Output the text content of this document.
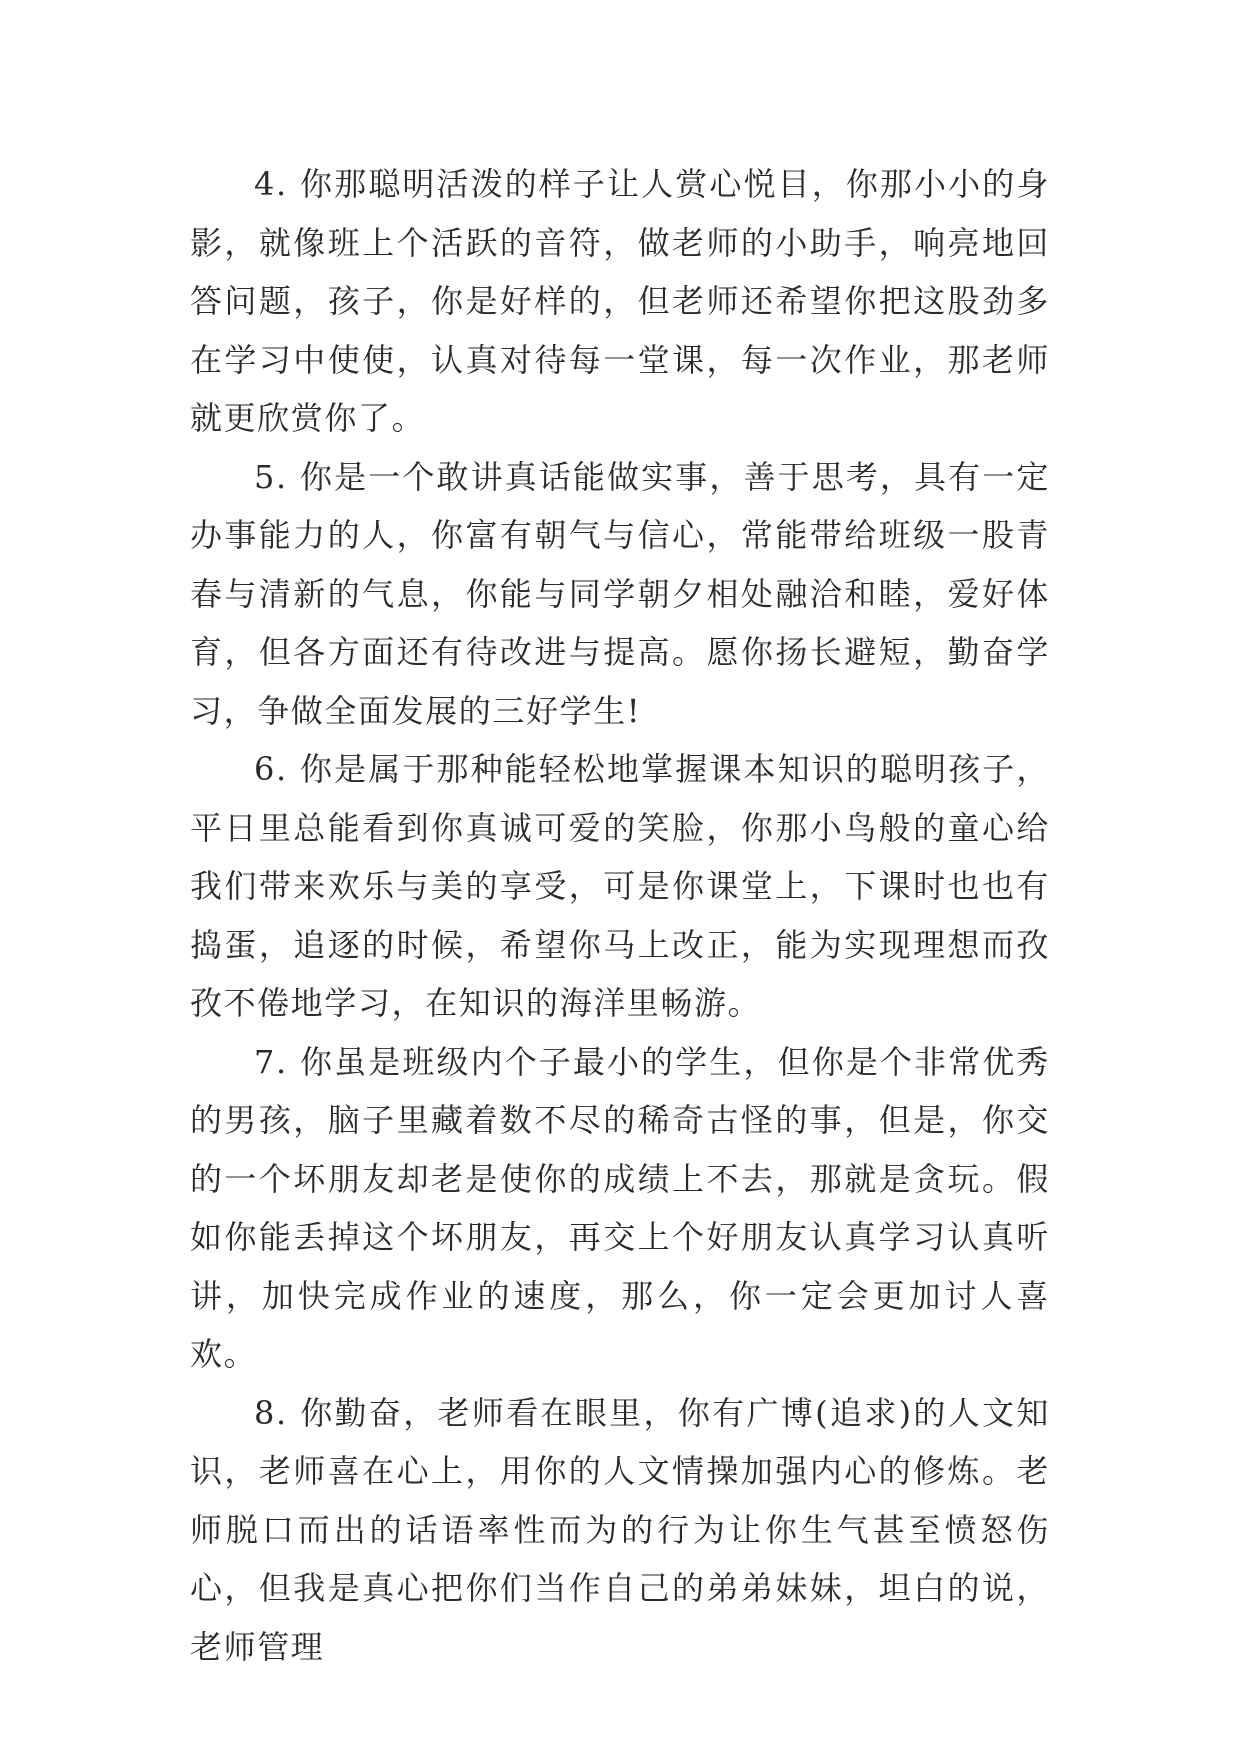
4. 你那聪明活泼的样子让人赏心悦目，你那小小的身影，就像班上个活跃的音符，做老师的小助手，响亮地回答问题，孩子，你是好样的，但老师还希望你把这股劲多在学习中使使，认真对待每一堂课，每一次作业，那老师就更欣赏你了。

5. 你是一个敢讲真话能做实事，善于思考，具有一定办事能力的人，你富有朝气与信心，常能带给班级一股青春与清新的气息，你能与同学朝夕相处融洽和睦，爱好体育，但各方面还有待改进与提高。愿你扬长避短，勤奋学习，争做全面发展的三好学生!

6. 你是属于那种能轻松地掌握课本知识的聪明孩子，平日里总能看到你真诚可爱的笑脸，你那小鸟般的童心给我们带来欢乐与美的享受，可是你课堂上，下课时也也有捣蛋，追逐的时候，希望你马上改正，能为实现理想而孜孜不倦地学习，在知识的海洋里畅游。

7. 你虽是班级内个子最小的学生，但你是个非常优秀的男孩，脑子里藏着数不尽的稀奇古怪的事，但是，你交的一个坏朋友却老是使你的成绩上不去，那就是贪玩。假如你能丢掉这个坏朋友，再交上个好朋友认真学习认真听讲，加快完成作业的速度，那么，你一定会更加讨人喜欢。

8. 你勤奋，老师看在眼里，你有广博(追求)的人文知识，老师喜在心上，用你的人文情操加强内心的修炼。老师脱口而出的话语率性而为的行为让你生气甚至愤怒伤心，但我是真心把你们当作自己的弟弟妹妹，坦白的说，老师管理
